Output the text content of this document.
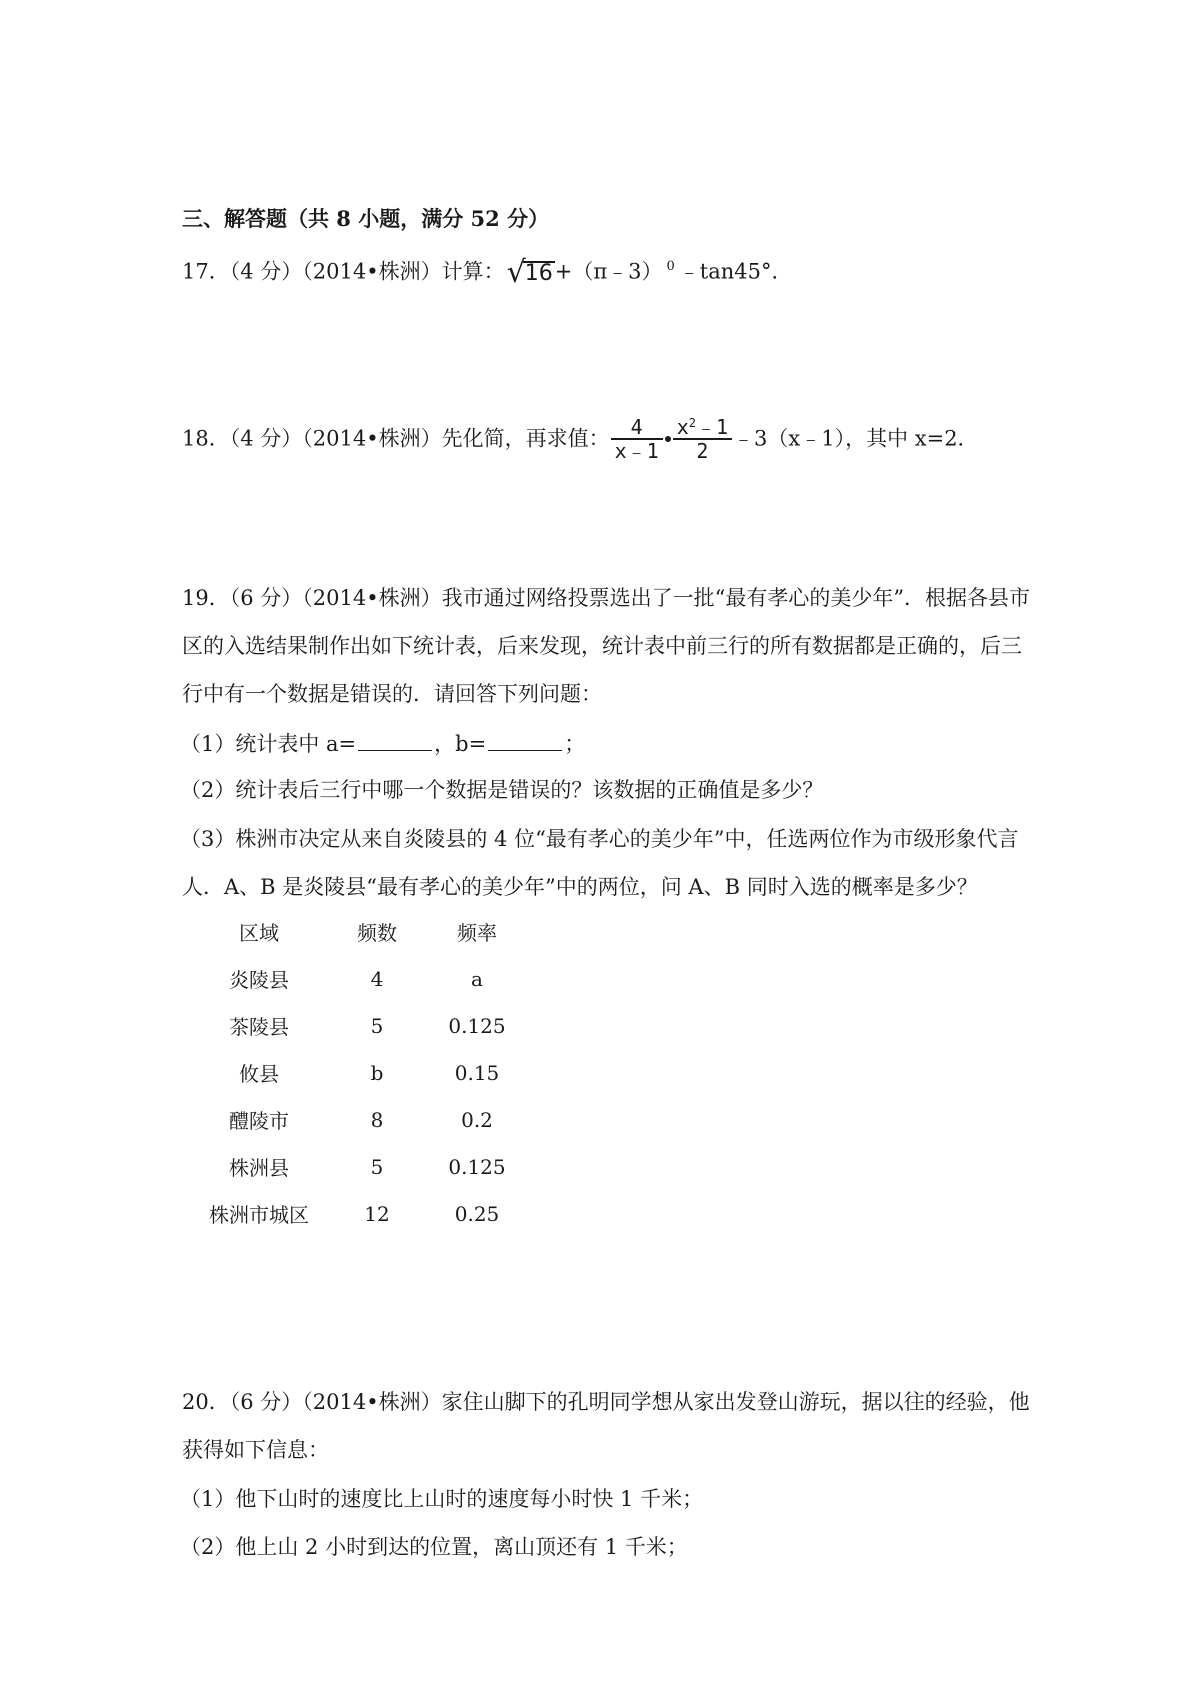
三、解答题（共 8 小题，满分 52 分）
17．（4 分）（2014•株洲）计算：√16+（π﹣3） $^0$ ﹣tan45°．
18．（4 分）（2014•株洲）先化简，再求值： $\frac{4}{x﹣1} \frac{x^2﹣1}{2}$ ﹣3（x﹣1），其中 x=2．
19．（6 分）（2014•株洲）我市通过网络投票选出了一批“最有孝心的美少年”．根据各县市
区的入选结果制作出如下统计表，后来发现，统计表中前三行的所有数据都是正确的，后三
行中有一个数据是错误的．请回答下列问题：
（1）统计表中 a=	，b=	；
（2）统计表后三行中哪一个数据是错误的？该数据的正确值是多少？
（3）株洲市决定从来自炎陵县的 4 位“最有孝心的美少年”中，任选两位作为市级形象代言
人．A、B 是炎陵县“最有孝心的美少年”中的两位，问 A、B 同时入选的概率是多少？
区域	频数	频率
炎陵县	4	a
茶陵县	5	0.125
攸县	b	0.15
醴陵市	8	0.2
株洲县	5	0.125
株洲市城区	12	0.25
20．（6 分）（2014•株洲）家住山脚下的孔明同学想从家出发登山游玩，据以往的经验，他
获得如下信息：
（1）他下山时的速度比上山时的速度每小时快 1 千米；
（2）他上山 2 小时到达的位置，离山顶还有 1 千米；
